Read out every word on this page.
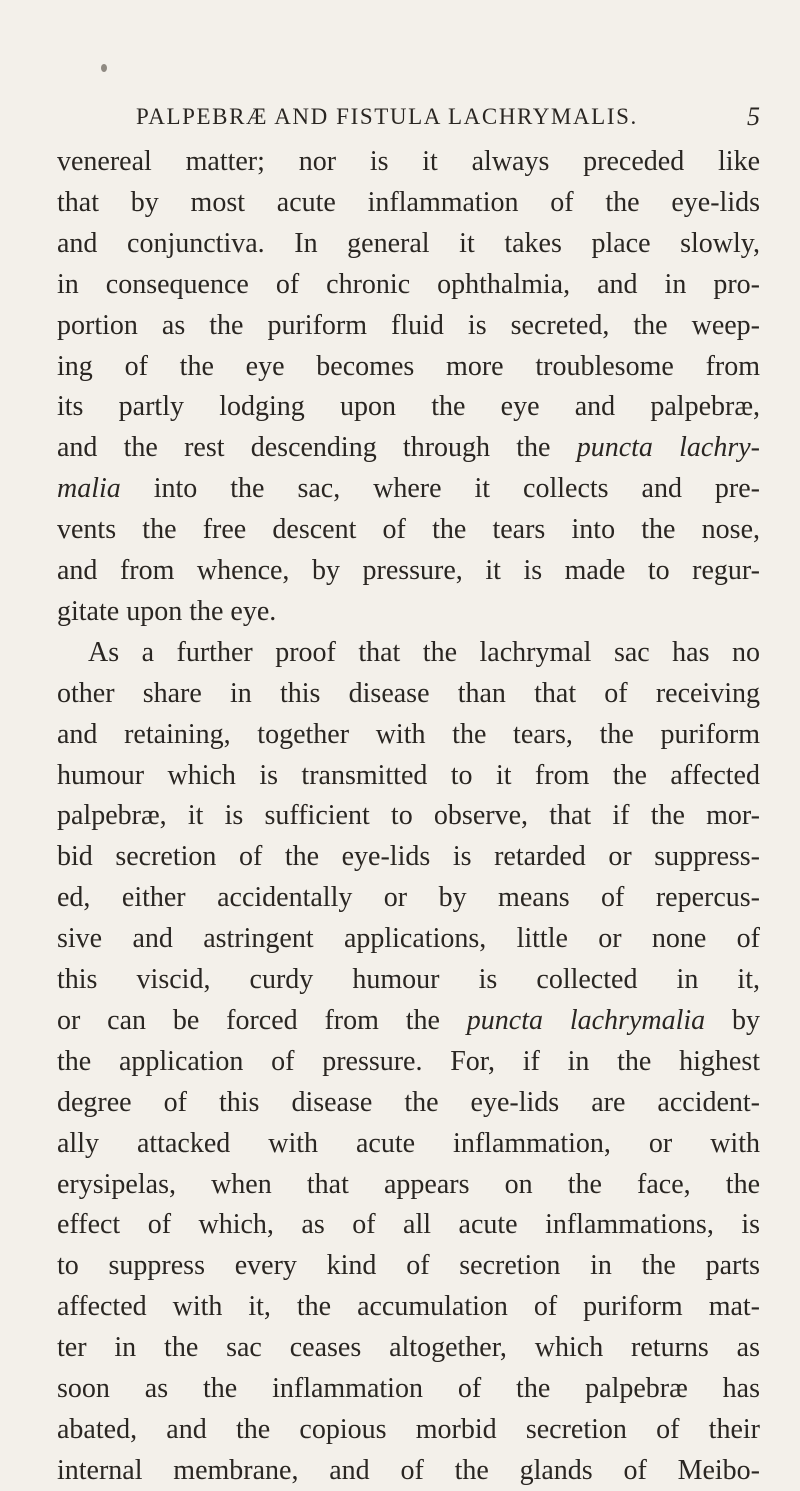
PALPEBRÆ AND FISTULA LACHRYMALIS.	5
venereal matter; nor is it always preceded like
that by most acute inflammation of the eye-lids
and conjunctiva. In general it takes place slowly,
in consequence of chronic ophthalmia, and in pro-
portion as the puriform fluid is secreted, the weep-
ing of the eye becomes more troublesome from
its partly lodging upon the eye and palpebræ,
and the rest descending through the puncta lachry-
malia into the sac, where it collects and pre-
vents the free descent of the tears into the nose,
and from whence, by pressure, it is made to regur-
gitate upon the eye.
As a further proof that the lachrymal sac has no
other share in this disease than that of receiving
and retaining, together with the tears, the puriform
humour which is transmitted to it from the affected
palpebræ, it is sufficient to observe, that if the mor-
bid secretion of the eye-lids is retarded or suppress-
ed, either accidentally or by means of repercus-
sive and astringent applications, little or none of
this viscid, curdy humour is collected in it,
or can be forced from the puncta lachrymalia by
the application of pressure. For, if in the highest
degree of this disease the eye-lids are accident-
ally attacked with acute inflammation, or with
erysipelas, when that appears on the face, the
effect of which, as of all acute inflammations, is
to suppress every kind of secretion in the parts
affected with it, the accumulation of puriform mat-
ter in the sac ceases altogether, which returns as
soon as the inflammation of the palpebræ has
abated, and the copious morbid secretion of their
internal membrane, and of the glands of Meibo-
